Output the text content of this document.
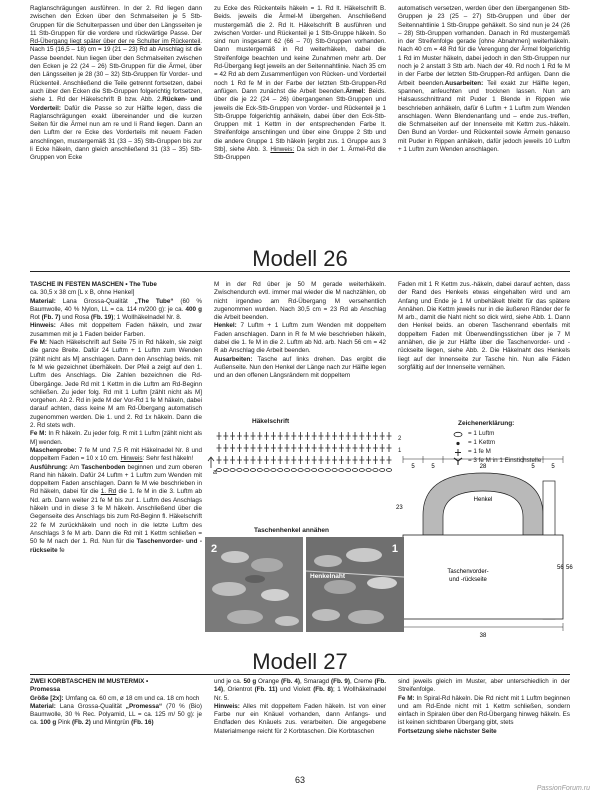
Raglanschrägungen ausführen. In der 2. Rd liegen dann zwischen den Ecken über den Schmalseiten je 5 Stb-Gruppen für die Schulterpassen und über den Längsseiten je 11 Stb-Gruppen für die vordere und rückwärtige Passe. Der Rd-Übergang liegt später über der re Schulter im Rückenteil. Nach 15 (16,5 – 18) cm = 19 (21 – 23) Rd ab Anschlag ist die Passe beendet. Nun liegen über den Schmalseiten zwischen den Ecken je 22 (24 – 26) Stb-Gruppen für die Ärmel, über den Längsseiten je 28 (30 – 32) Stb-Gruppen für Vorder- und Rückenteil. Anschließend die Teile getrennt fortsetzen, dabei auch über den Ecken die Stb-Gruppen folgerichtig fortsetzen, siehe 1. Rd der Häkelschrift B bzw. Abb. 2.Rücken- und Vorderteil: Dafür die Passe so zur Hälfte legen, dass die Raglanschrägungen exakt übereinander und die kurzen Seiten für die Ärmel nun am re und li Rand liegen. Dann an den Luftm der re Ecke des Vorderteils mit neuem Faden anschlingen, mustergemäß 31 (33 – 35) Stb-Gruppen bis zur li Ecke häkeln, dann gleich anschließend 31 (33 – 35) Stb-Gruppen von Ecke
zu Ecke des Rückenteils häkeln = 1. Rd lt. Häkelschrift B. Beids. jeweils die Ärmel-M übergehen. Anschließend mustergemäß die 2. Rd lt. Häkelschrift B ausführen und zwischen Vorder- und Rückenteil je 1 Stb-Gruppe häkeln. So sind nun insgesamt 62 (66 – 70) Stb-Gruppen vorhanden. Dann mustergemäß in Rd weiterhäkeln, dabei die Streifenfolge beachten und keine Zunahmen mehr arb. Der Rd-Übergang liegt jeweils an der Seitennahtlinie. Nach 35 cm = 42 Rd ab dem Zusammenfügen von Rücken- und Vorderteil noch 1 Rd fe M in der Farbe der letzten Stb-Gruppen-Rd anfügen. Dann zunächst die Arbeit beenden.Ärmel: Beids. über die je 22 (24 – 26) übergangenen Stb-Gruppen und jeweils die Eck-Stb-Gruppen von Vorder- und Rückenteil je 1 Stb-Gruppe folgerichtig anhäkeln, dabei über den Eck-Stb-Gruppen mit 1 Kettm in der entsprechenden Farbe lt. Streifenfolge anschlingen und über eine Gruppe 2 Stb und die andere Gruppe 1 Stb häkeln [ergibt zus. 1 Gruppe aus 3 Stb], siehe Abb. 3. Hinweis: Da sich in der 1. Ärmel-Rd die Stb-Gruppen
automatisch versetzen, werden über den übergangenen Stb-Gruppen je 23 (25 – 27) Stb-Gruppen und über der Seitennahtlinie 1 Stb-Gruppe gehäkelt. So sind nun je 24 (26 – 28) Stb-Gruppen vorhanden. Danach in Rd mustergemäß in der Streifenfolge gerade [ohne Abnahmen] weiterhäkeln. Nach 40 cm = 48 Rd für die Verengung der Ärmel folgerichtig 1 Rd im Muster häkeln, dabei jedoch in den Stb-Gruppen nur noch je 2 anstatt 3 Stb arb. Nach der 49. Rd noch 1 Rd fe M in der Farbe der letzten Stb-Gruppen-Rd anfügen. Dann die Arbeit beenden.Ausarbeiten: Teil exakt zur Hälfte legen, spannen, anfeuchten und trocknen lassen. Nun am Halsausschnittrand mit Puder 1 Blende in Rippen wie beschrieben anhäkeln, dafür 6 Luftm + 1 Luftm zum Wenden anschlagen. Wenn Blendenanfang und – ende zus.-treffen, die Schmalseiten auf der Innenseite mit Kettm zus.-häkeln. Den Bund an Vorder- und Rückenteil sowie Ärmeln genauso mit Puder in Rippen anhäkeln, dafür jedoch jeweils 10 Luftm + 1 Luftm zum Wenden anschlagen.
Modell 26
TASCHE IN FESTEN MASCHEN • The Tube
ca. 30,5 x 38 cm [L x B, ohne Henkel]
Material: Lana Grossa-Qualität „The Tube“ (60 % Baumwolle, 40 % Nylon, LL = ca. 114 m/200 g): je ca. 400 g Rot (Fb. 7) und Rosa (Fb. 19); 1 Wollhäkelnadel Nr. 8.
Hinweis: Alles mit doppeltem Faden häkeln, und zwar zusammen mit je 1 Faden beider Farben.
Fe M: Nach Häkelschrift auf Seite 75 in Rd häkeln, sie zeigt die ganze Breite. Dafür 24 Luftm + 1 Luftm zum Wenden [zählt nicht als M] anschlagen. Dann den Anschlag beids. mit fe M wie gezeichnet überhäkeln. Der Pfeil a zeigt auf den 1. Luftm des Anschlags. Die Zahlen bezeichnen die Rd-Übergänge. Jede Rd mit 1 Kettm in die Luftm am Rd-Beginn schließen. Zu jeder folg. Rd mit 1 Luftm [zählt nicht als M] vorgehen. Ab 2. Rd in jede M der Vor-Rd 1 fe M häkeln, dabei darauf achten, dass keine M am Rd-Übergang automatisch zugenommen werden. Die 1. und 2. Rd 1x häkeln. Dann die 2. Rd stets wdh.
Fe M: In R häkeln. Zu jeder folg. R mit 1 Luftm [zählt nicht als M] wenden.
Maschenprobe: 7 fe M und 7,5 R mit Häkelnadel Nr. 8 und doppeltem Faden = 10 x 10 cm. Hinweis: Sehr fest häkeln!
Ausführung: Am Taschenboden beginnen und zum oberen Rand hin häkeln. Dafür 24 Luftm + 1 Luftm zum Wenden mit doppeltem Faden anschlagen. Dann fe M wie beschrieben in Rd häkeln, dabei für die 1. Rd die 1. fe M in die 3. Luftm ab Nd. arb. Dann weiter 21 fe M bis zur 1. Luftm des Anschlags häkeln und in diese 3 fe M häkeln. Anschließend über die Gegenseite des Anschlags bis zum Rd-Beginn fl. Häkelschrift 22 fe M zurückhäkeln und noch in die letzte Luftm des Anschlags 3 fe M arb. Dann die Rd mit 1 Kettm schließen = 50 fe M nach der 1. Rd. Nun für die Taschenvorder- und -rückseite fe
M in der Rd über je 50 M gerade weiterhäkeln. Zwischendurch evtl. immer mal wieder die M nachzählen, ob nicht irgendwo am Rd-Übergang M versehentlich zugenommen wurden. Nach 30,5 cm = 23 Rd ab Anschlag die Arbeit beenden.
Henkel: 7 Luftm + 1 Luftm zum Wenden mit doppeltem Faden anschlagen. Dann in R fe M wie beschrieben häkeln, dabei die 1. fe M in die 2. Luftm ab Nd. arb. Nach 56 cm = 42 R ab Anschlag die Arbeit beenden.
Ausarbeiten: Tasche auf links drehen. Das ergibt die Außenseite. Nun den Henkel der Länge nach zur Hälfte legen und an den offenen Längsrändern mit doppeltem
Faden mit 1 R Kettm zus.-häkeln, dabei darauf achten, dass der Rand des Henkels etwas eingehalten wird und am Anfang und Ende je 1 M unbehäkelt bleibt für das spätere Annähen. Die Kettm jeweils nur in die äußeren Ränder der fe M arb., damit die Naht nicht so dick wird, siehe Abb. 1. Dann den Henkel beids. an oberen Taschenrand ebenfalls mit doppeltem Faden mit Überwendlingsstichen über je 7 M annähen, die je zur Hälfte über die Taschenvorder- und -rückseite liegen, siehe Abb. 2. Die Häkelnaht des Henkels liegt auf der Innenseite zur Tasche hin. Nun alle Fäden sorgfältig auf der Innenseite vernähen.
Häkelschrift
a
2
1
Zeichenerklärung:
= 1 Luftm
= 1 Kettm
= 1 fe M
= 3 fe M in 1 Einstichstelle
5	5	28	5	5
Henkel
Taschenvorder-
und -rückseite
23
56 56
38
Taschenhenkel annähen
2	1
Henkelnaht
Modell 27
ZWEI KORBTASCHEN IM MUSTERMIX •
Promessa
Größe [2x]: Umfang ca. 60 cm, ø 18 cm und ca. 18 cm hoch
Material: Lana Grossa-Qualität „Promessa“ (70 % (Bio) Baumwolle, 30 % Rec. Polyamid, LL = ca. 125 m/ 50 g): je ca. 100 g Pink (Fb. 2) und Mintgrün (Fb. 16)
und je ca. 50 g Orange (Fb. 4), Smaragd (Fb. 9), Creme (Fb. 14), Orientrot (Fb. 11) und Violett (Fb. 8); 1 Wollhäkelnadel Nr. 5.
Hinweis: Alles mit doppeltem Faden häkeln. Ist von einer Farbe nur ein Knäuel vorhanden, dann Anfangs- und Endfaden des Knäuels zus. verarbeiten. Die angegebene Materialmenge reicht für 2 Korbtaschen. Die Korbtaschen
sind jeweils gleich im Muster, aber unterschiedlich in der Streifenfolge.
Fe M: In Spiral-Rd häkeln. Die Rd nicht mit 1 Luftm beginnen und am Rd-Ende nicht mit 1 Kettm schließen, sondern einfach in Spiralen über den Rd-Übergang hinweg häkeln. Es ist keinen sichtbaren Übergang gibt, stets
Fortsetzung siehe nächster Seite
63
PassionForum.ru
